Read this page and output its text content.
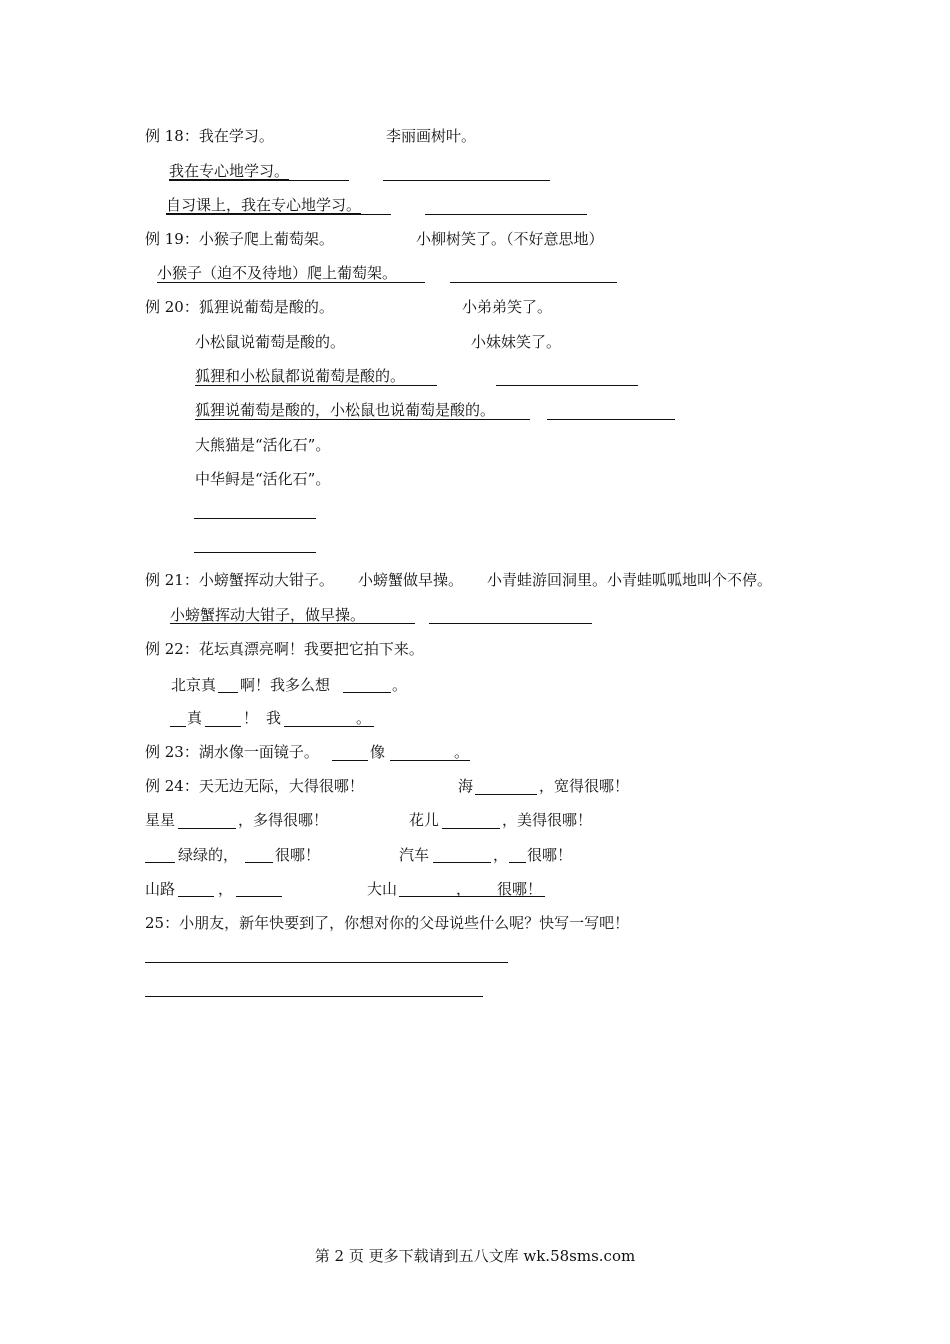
例 18：我在学习。	李丽画树叶。
我在专心地学习。
自习课上，我在专心地学习。
例 19：小猴子爬上葡萄架。	小柳树笑了。（不好意思地）
小猴子（迫不及待地）爬上葡萄架。
例 20：狐狸说葡萄是酸的。	小弟弟笑了。
小松鼠说葡萄是酸的。	小妹妹笑了。
狐狸和小松鼠都说葡萄是酸的。
狐狸说葡萄是酸的，小松鼠也说葡萄是酸的。
大熊猫是“活化石”。
中华鲟是“活化石”。
例 21：小螃蟹挥动大钳子。 小螃蟹做早操。 小青蛙游回洞里。小青蛙呱呱地叫个不停。
小螃蟹挥动大钳子，做早操。
例 22：花坛真漂亮啊！我要把它拍下来。
北京真 啊！我多么想	。
真	！ 我	。
例 23：湖水像一面镜子。	像	。
例 24：天无边无际，大得很哪！	海	，宽得很哪！
星星	，多得很哪！	花儿	，美得很哪！
绿绿的， 很哪！	汽车	， 很哪！
山路	，	大山	， 很哪！
25：小朋友，新年快要到了，你想对你的父母说些什么呢？快写一写吧！
第 2 页 更多下载请到五八文库 wk.58sms.com
